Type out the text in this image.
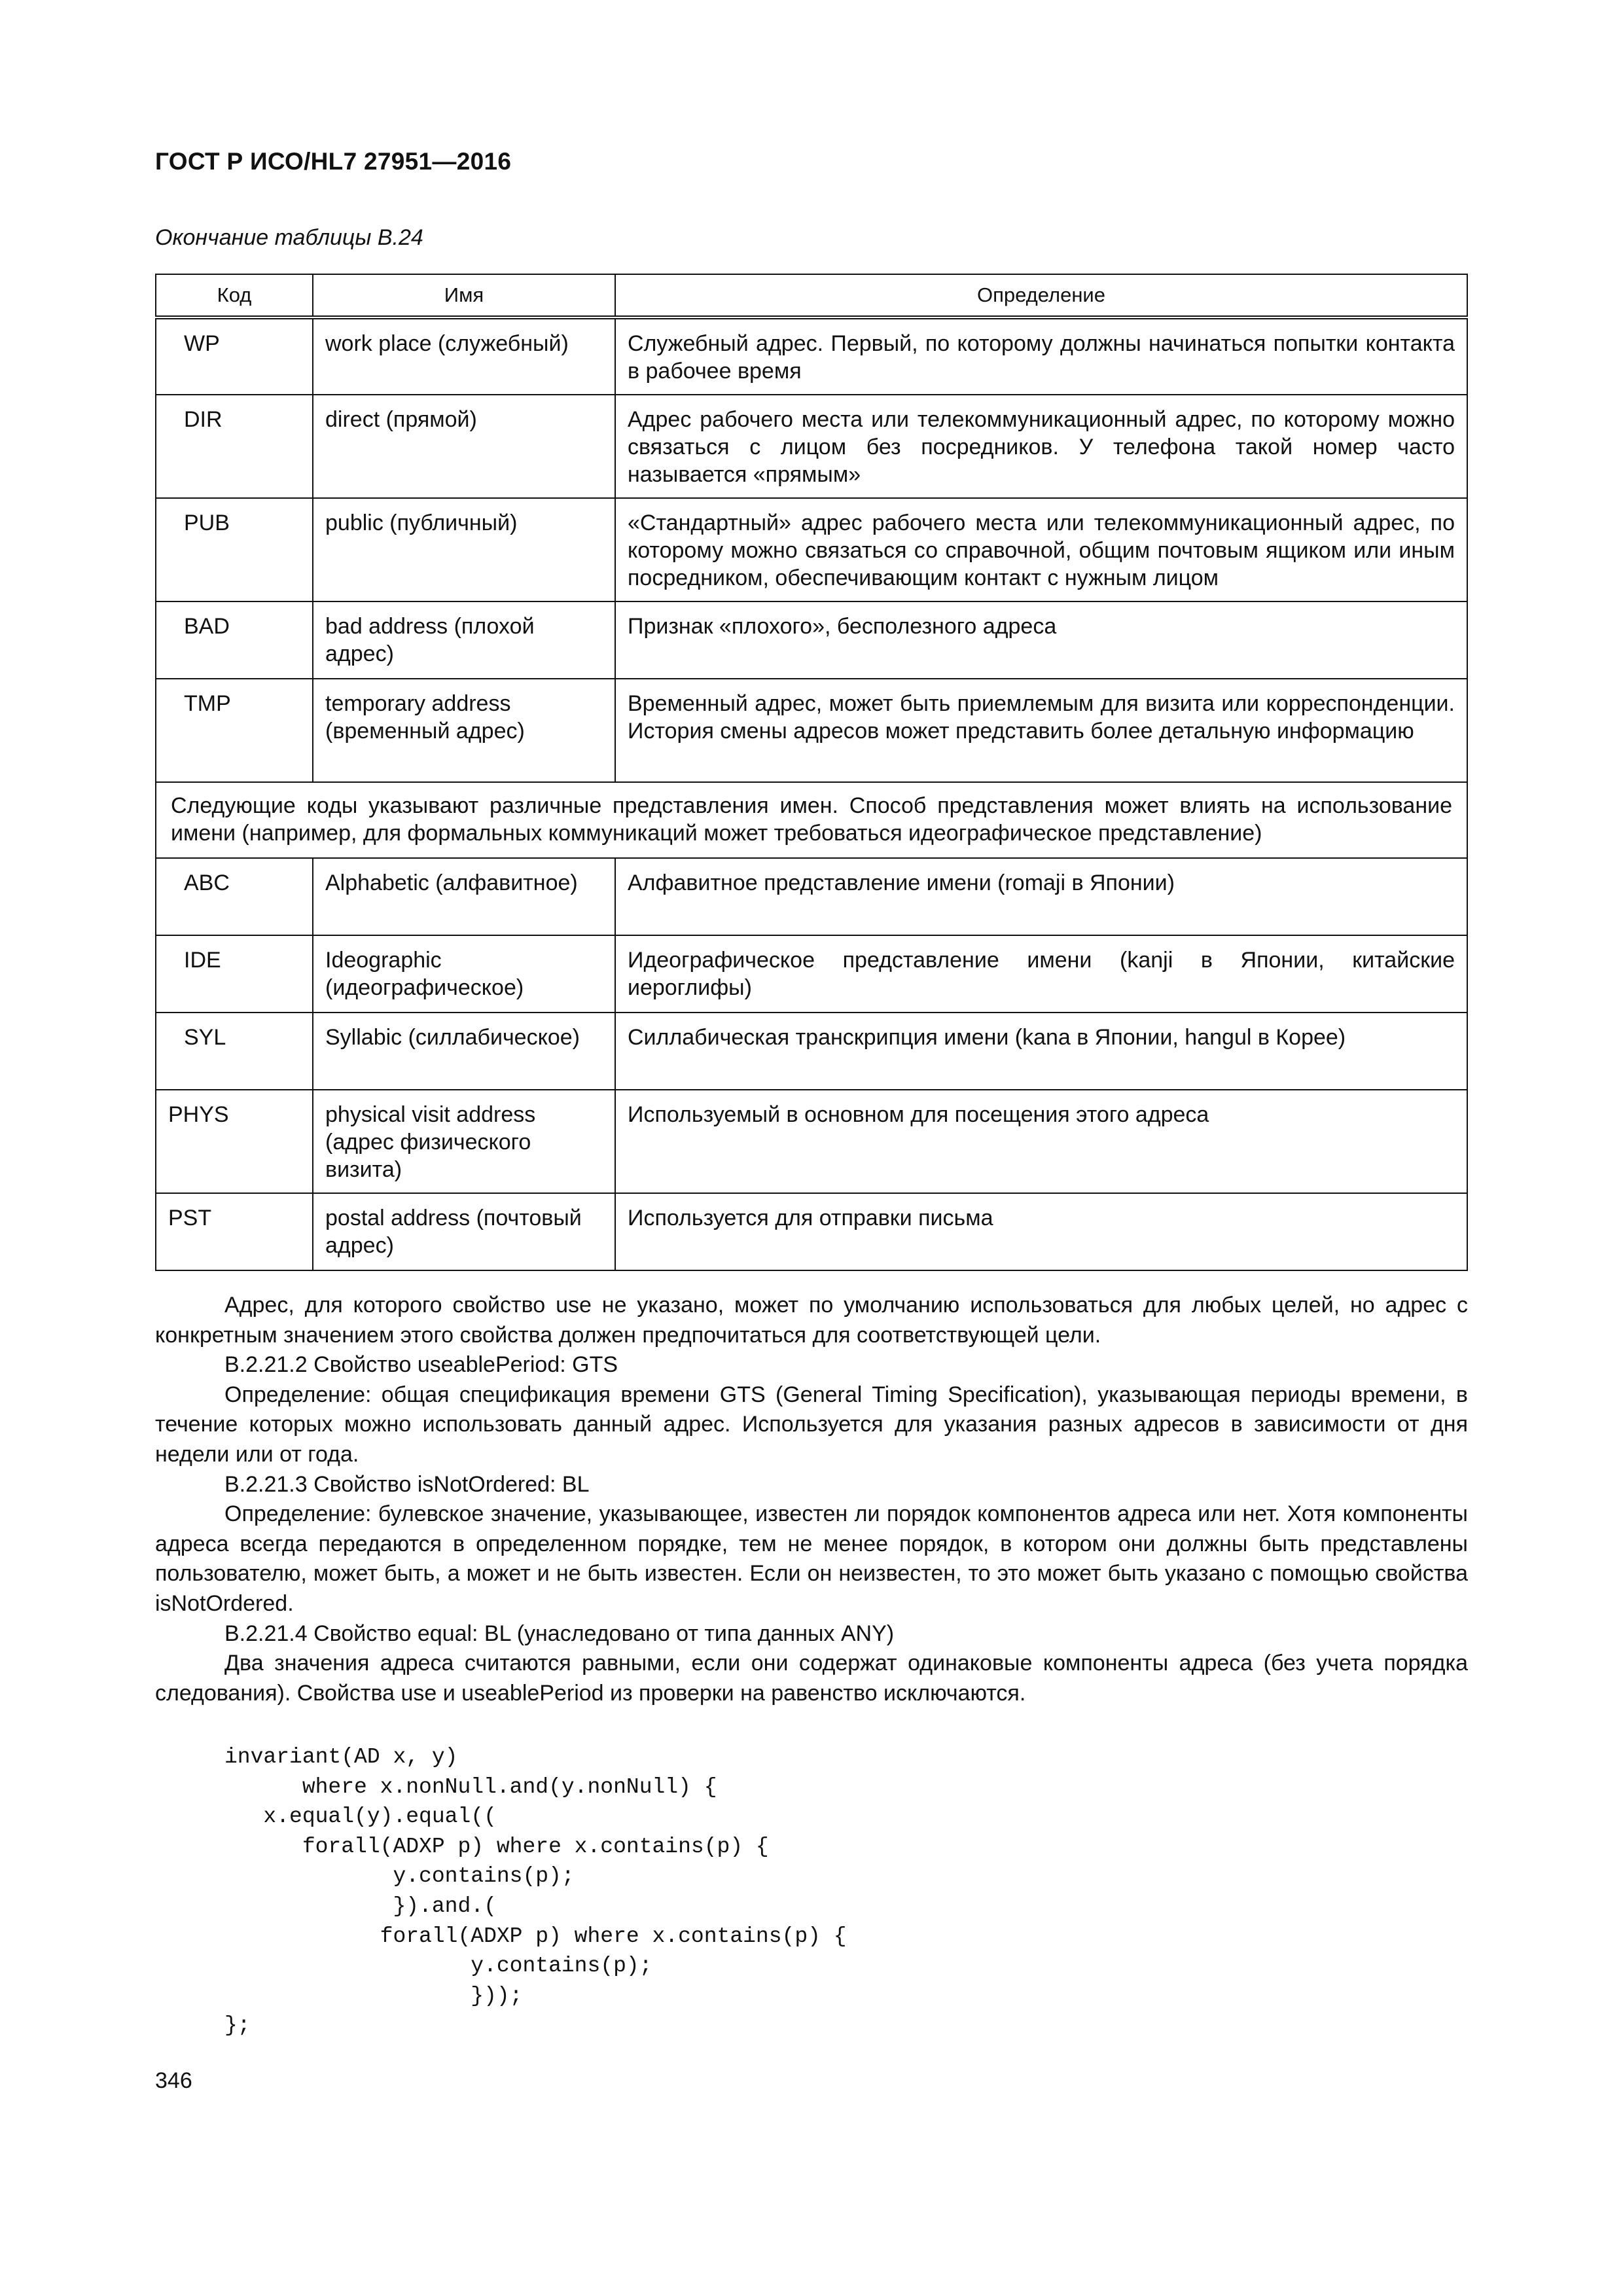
ГОСТ Р ИСО/HL7 27951—2016
Окончание таблицы В.24
Код	Имя	Определение
WP	work place (служебный)	Служебный адрес. Первый, по которому должны начинаться попытки контакта в рабочее время
DIR	direct (прямой)	Адрес рабочего места или телекоммуникационный адрес, по которому можно связаться с лицом без посредников. У телефона такой номер часто называется «прямым»
PUB	public (публичный)	«Стандартный» адрес рабочего места или телекоммуникационный адрес, по которому можно связаться со справочной, общим почтовым ящиком или иным посредником, обеспечивающим контакт с нужным лицом
BAD	bad address (плохой адрес)	Признак «плохого», бесполезного адреса
TMP	temporary address (временный адрес)	Временный адрес, может быть приемлемым для визита или корреспонденции. История смены адресов может представить более детальную информацию
Следующие коды указывают различные представления имен. Способ представления может влиять на использование имени (например, для формальных коммуникаций может требоваться идеографическое представление)		
ABC	Alphabetic (алфавитное)	Алфавитное представление имени (romaji в Японии)
IDE	Ideographic (идеографическое)	Идеографическое представление имени (kanji в Японии, китайские иероглифы)
SYL	Syllabic (силлабическое)	Силлабическая транскрипция имени (kana в Японии, hangul в Корее)
PHYS	physical visit address (адрес физического визита)	Используемый в основном для посещения этого адреса
PST	postal address (почтовый адрес)	Используется для отправки письма

Адрес, для которого свойство use не указано, может по умолчанию использоваться для любых целей, но адрес с конкретным значением этого свойства должен предпочитаться для соответствующей цели.

В.2.21.2 Свойство useablePeriod: GTS

Определение: общая спецификация времени GTS (General Timing Specification), указывающая периоды времени, в течение которых можно использовать данный адрес. Используется для указания разных адресов в зависимости от дня недели или от года.

В.2.21.3 Свойство isNotOrdered: BL

Определение: булевское значение, указывающее, известен ли порядок компонентов адреса или нет. Хотя компоненты адреса всегда передаются в определенном порядке, тем не менее порядок, в котором они должны быть представлены пользователю, может быть, а может и не быть известен. Если он неизвестен, то это может быть указано с помощью свойства isNotOrdered.

В.2.21.4 Свойство equal: BL (унаследовано от типа данных ANY)

Два значения адреса считаются равными, если они содержат одинаковые компоненты адреса (без учета порядка следования). Свойства use и useablePeriod из проверки на равенство исключаются.

invariant(AD x, y)
where x.nonNull.and(y.nonNull) {
x.equal(y).equal((
forall(ADXP p) where x.contains(p) {
y.contains(p);
}).and.(
forall(ADXP p) where x.contains(p) {
y.contains(p);
}));
};
346
